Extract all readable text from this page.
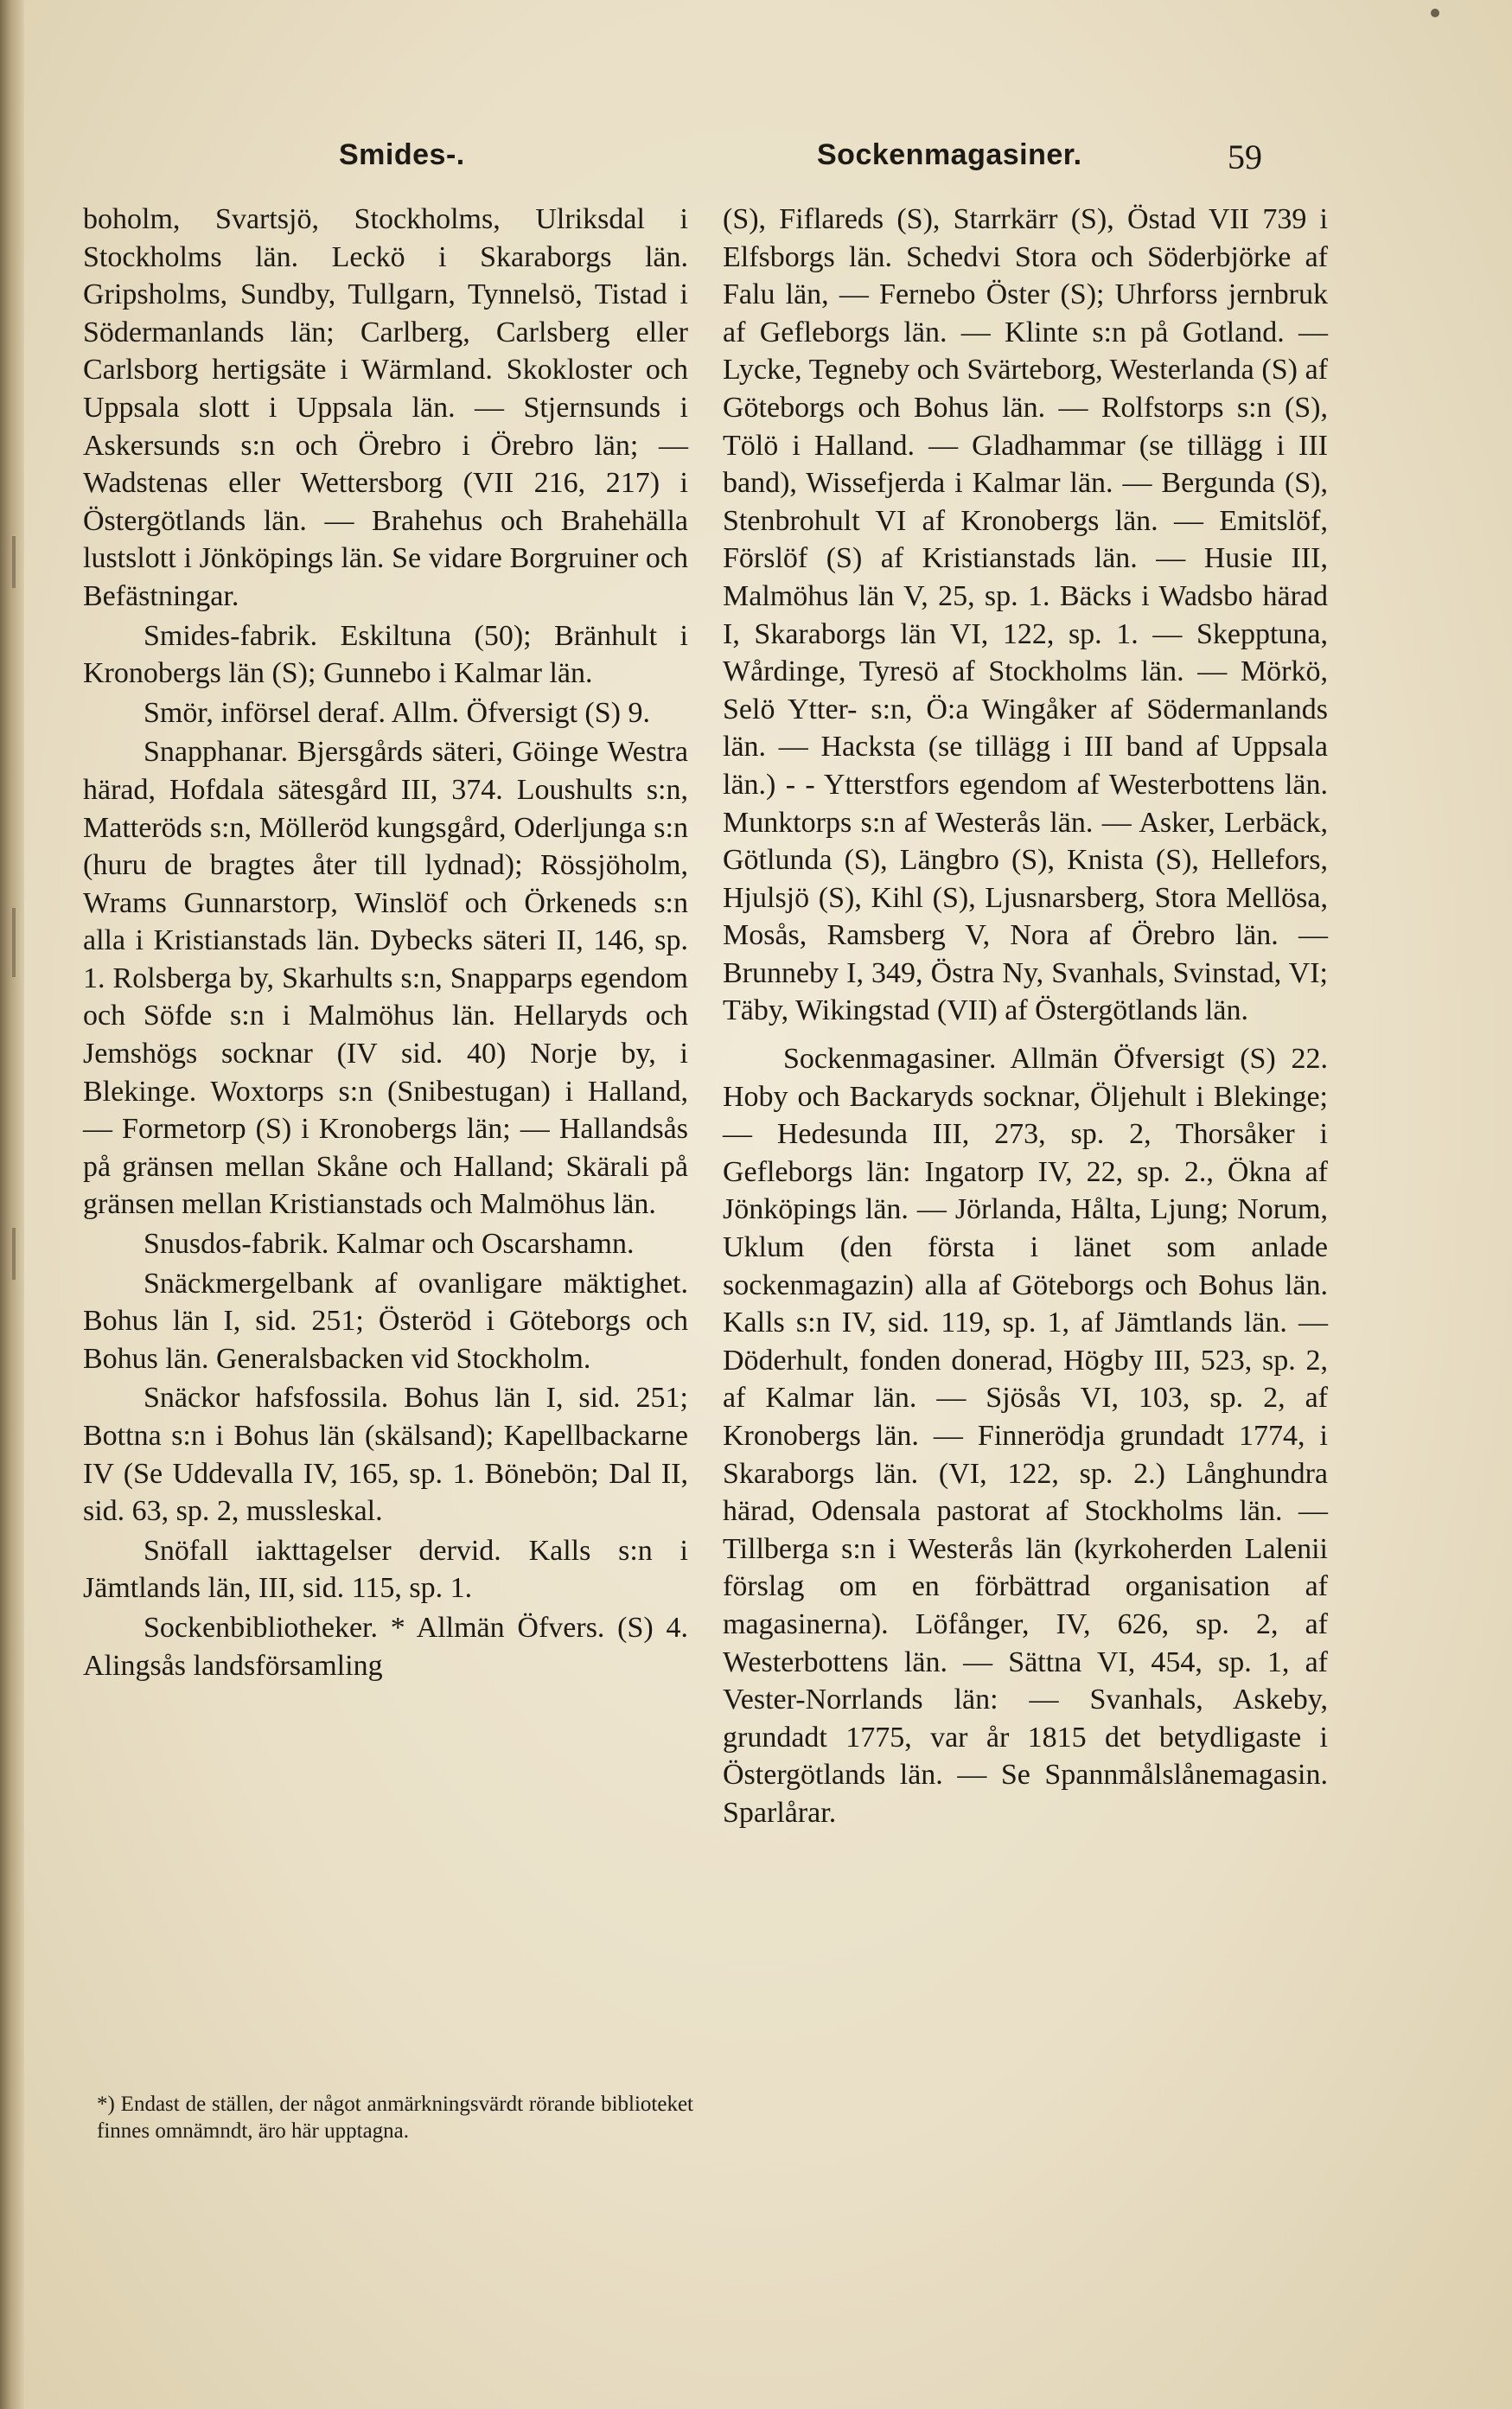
Smides-.	Sockenmagasiner.	59

boholm, Svartsjö, Stockholms, Ulriksdal i Stockholms län. Leckö i Skaraborgs län. Gripsholms, Sundby, Tullgarn, Tynnelsö, Tistad i Södermanlands län; Carlberg, Carlsberg eller Carlsborg hertigsäte i Wärmland. Skokloster och Uppsala slott i Uppsala län. — Stjernsunds i Askersunds s:n och Örebro i Örebro län; — Wadstenas eller Wettersborg (VII 216, 217) i Östergötlands län. — Brahehus och Brahehälla lustslott i Jönköpings län. Se vidare Borgruiner och Befästningar.

Smides-fabrik. Eskiltuna (50); Bränhult i Kronobergs län (S); Gunnebo i Kalmar län.

Smör, införsel deraf. Allm. Öfversigt (S) 9.

Snapphanar. Bjersgårds säteri, Göinge Westra härad, Hofdala sätesgård III, 374. Loushults s:n, Matteröds s:n, Mölleröd kungsgård, Oderljunga s:n (huru de bragtes åter till lydnad); Rössjöholm, Wrams Gunnarstorp, Winslöf och Örkeneds s:n alla i Kristianstads län. Dybecks säteri II, 146, sp. 1. Rolsberga by, Skarhults s:n, Snapparps egendom och Söfde s:n i Malmöhus län. Hellaryds och Jemshögs socknar (IV sid. 40) Norje by, i Blekinge. Woxtorps s:n (Snibestugan) i Halland, — Formetorp (S) i Kronobergs län; — Hallandsås på gränsen mellan Skåne och Halland; Skärali på gränsen mellan Kristianstads och Malmöhus län.

Snusdos-fabrik. Kalmar och Oscarshamn.

Snäckmergelbank af ovanligare mäktighet. Bohus län I, sid. 251; Österöd i Göteborgs och Bohus län. Generalsbacken vid Stockholm.

Snäckor hafsfossila. Bohus län I, sid. 251; Bottna s:n i Bohus län (skälsand); Kapellbackarne IV (Se Uddevalla IV, 165, sp. 1. Bönebön; Dal II, sid. 63, sp. 2, mussleskal.

Snöfall iakttagelser dervid. Kalls s:n i Jämtlands län, III, sid. 115, sp. 1.

Sockenbibliotheker. * Allmän Öfvers. (S) 4. Alingsås landsförsamling

*) Endast de ställen, der något anmärkningsvärdt rörande biblioteket finnes omnämndt, äro här upptagna.

(S), Fiflareds (S), Starrkärr (S), Östad VII 739 i Elfsborgs län. Schedvi Stora och Söderbjörke af Falu län, — Fernebo Öster (S); Uhrforss jernbruk af Gefleborgs län. — Klinte s:n på Gotland. — Lycke, Tegneby och Svärteborg, Westerlanda (S) af Göteborgs och Bohus län. — Rolfstorps s:n (S), Tölö i Halland. — Gladhammar (se tillägg i III band), Wissefjerda i Kalmar län. — Bergunda (S), Stenbrohult VI af Kronobergs län. — Emitslöf, Förslöf (S) af Kristianstads län. — Husie III, Malmöhus län V, 25, sp. 1. Bäcks i Wadsbo härad I, Skaraborgs län VI, 122, sp. 1. — Skepptuna, Wårdinge, Tyresö af Stockholms län. — Mörkö, Selö Ytter- s:n, Ö:a Wingåker af Södermanlands län. — Hacksta (se tillägg i III band af Uppsala län.) - - Ytterstfors egendom af Westerbottens län. Munktorps s:n af Westerås län. — Asker, Lerbäck, Götlunda (S), Längbro (S), Knista (S), Hellefors, Hjulsjö (S), Kihl (S), Ljusnarsberg, Stora Mellösa, Mosås, Ramsberg V, Nora af Örebro län. — Brunneby I, 349, Östra Ny, Svanhals, Svinstad, VI; Täby, Wikingstad (VII) af Östergötlands län.

Sockenmagasiner. Allmän Öfversigt (S) 22. Hoby och Backaryds socknar, Öljehult i Blekinge; — Hedesunda III, 273, sp. 2, Thorsåker i Gefleborgs län: Ingatorp IV, 22, sp. 2., Ökna af Jönköpings län. — Jörlanda, Hålta, Ljung; Norum, Uklum (den första i länet som anlade sockenmagazin) alla af Göteborgs och Bohus län. Kalls s:n IV, sid. 119, sp. 1, af Jämtlands län. — Döderhult, fonden donerad, Högby III, 523, sp. 2, af Kalmar län. — Sjösås VI, 103, sp. 2, af Kronobergs län. — Finnerödja grundadt 1774, i Skaraborgs län. (VI, 122, sp. 2.) Långhundra härad, Odensala pastorat af Stockholms län. — Tillberga s:n i Westerås län (kyrkoherden Lalenii förslag om en förbättrad organisation af magasinerna). Löfånger, IV, 626, sp. 2, af Westerbottens län. — Sättna VI, 454, sp. 1, af Vester-Norrlands län: — Svanhals, Askeby, grundadt 1775, var år 1815 det betydligaste i Östergötlands län. — Se Spannmålslånemagasin. Sparlårar.
